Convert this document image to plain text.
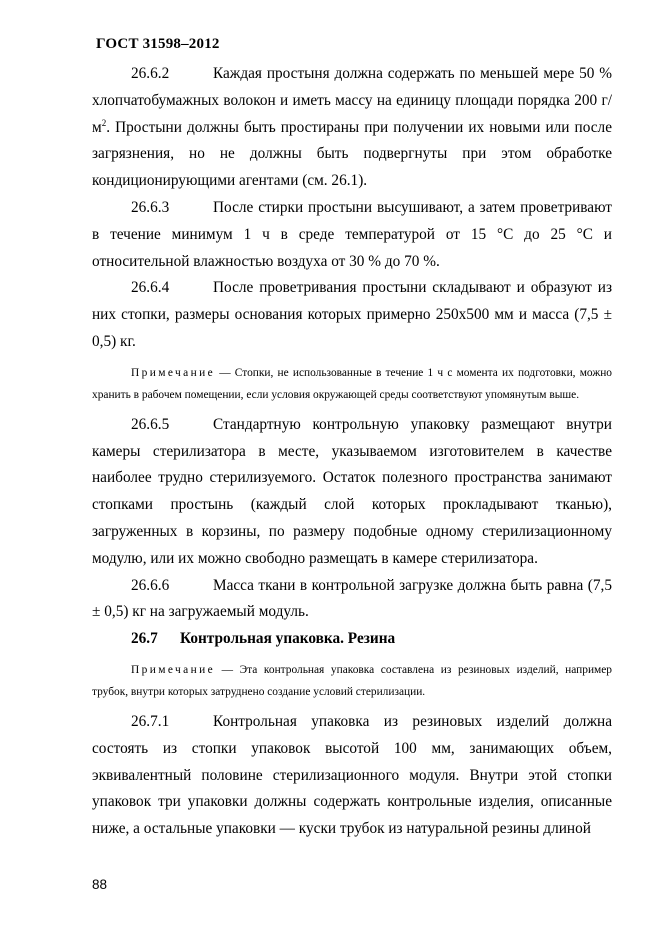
ГОСТ 31598–2012

26.6.2	Каждая простыня должна содержать по меньшей мере 50 % хлопчатобумажных волокон и иметь массу на единицу площади порядка 200 $г/м^2$. Простыни должны быть простираны при получении их новыми или после загрязнения, но не должны быть подвергнуты при этом обработке кондиционирующими агентами (см. 26.1).

26.6.3	После стирки простыни высушивают, а затем проветривают в течение минимум 1 ч в среде температурой от 15 °С до 25 °С и относительной влажностью воздуха от 30 % до 70 %.

26.6.4	После проветривания простыни складывают и образуют из них стопки, размеры основания которых примерно 250х500 мм и масса (7,5 ± 0,5) кг.

Примечание — Стопки, не использованные в течение 1 ч с момента их подготовки, можно хранить в рабочем помещении, если условия окружающей среды соответствуют упомянутым выше.

26.6.5	Стандартную контрольную упаковку размещают внутри камеры стерилизатора в месте, указываемом изготовителем в качестве наиболее трудно стерилизуемого. Остаток полезного пространства занимают стопками простынь (каждый слой которых прокладывают тканью), загруженных в корзины, по размеру подобные одному стерилизационному модулю, или их можно свободно размещать в камере стерилизатора.

26.6.6	Масса ткани в контрольной загрузке должна быть равна (7,5 ± 0,5) кг на загружаемый модуль.

26.7 Контрольная упаковка. Резина

Примечание — Эта контрольная упаковка составлена из резиновых изделий, например трубок, внутри которых затруднено создание условий стерилизации.

26.7.1	Контрольная упаковка из резиновых изделий должна состоять из стопки упаковок высотой 100 мм, занимающих объем, эквивалентный половине стерилизационного модуля. Внутри этой стопки упаковок три упаковки должны содержать контрольные изделия, описанные ниже, а остальные упаковки — куски трубок из натуральной резины длиной

88
